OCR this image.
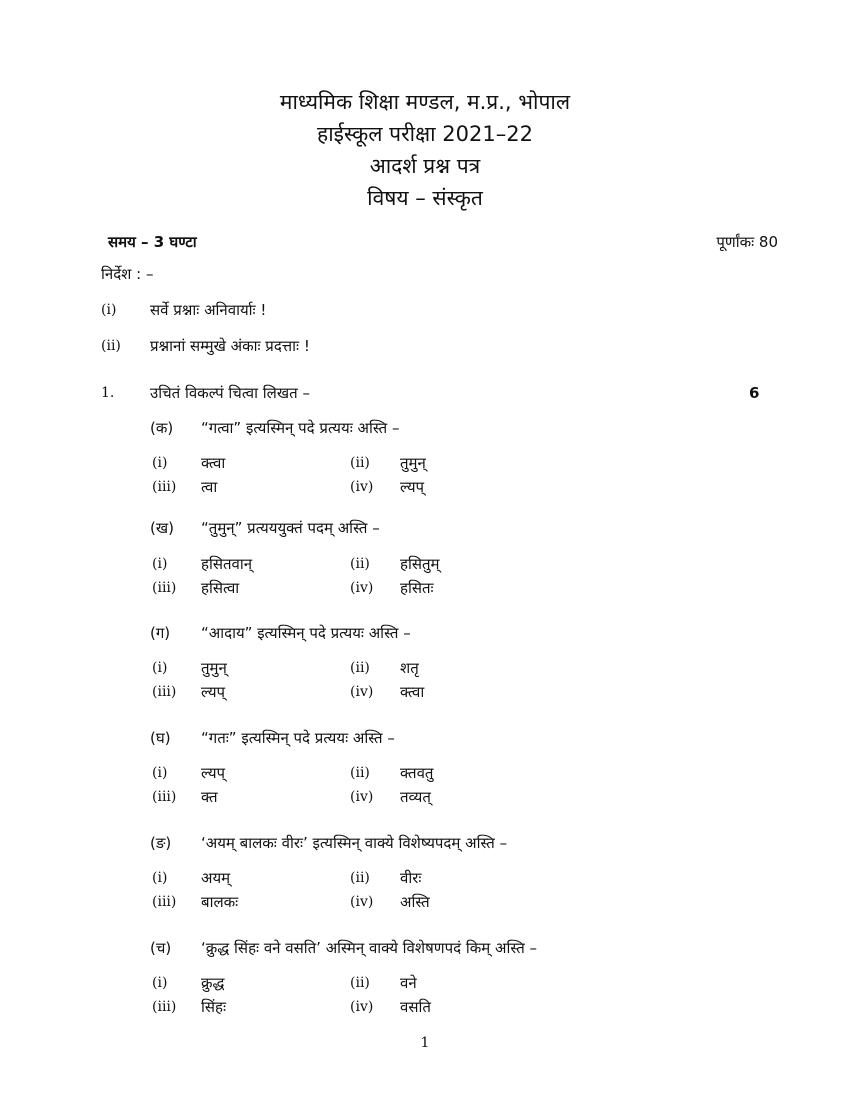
माध्यमिक शिक्षा मण्डल, म.प्र., भोपाल
हाईस्कूल परीक्षा 2021–22
आदर्श प्रश्न पत्र
विषय – संस्कृत
समय – 3 घण्टा	पूर्णांकः 80
निर्देश : –
(i) सर्वे प्रश्नाः अनिवार्याः !
(ii) प्रश्नानां सम्मुखे अंकाः प्रदत्ताः !
1. उचितं विकल्पं चित्वा लिखत –	6
(क) “गत्वा” इत्यस्मिन् पदे प्रत्ययः अस्ति –
(i) क्त्वा	(ii) तुमुन्
(iii) त्वा	(iv) ल्यप्
(ख) “तुमुन्” प्रत्यययुक्तं पदम् अस्ति –
(i) हसितवान्	(ii) हसितुम्
(iii) हसित्वा	(iv) हसितः
(ग) “आदाय” इत्यस्मिन् पदे प्रत्ययः अस्ति –
(i) तुमुन्	(ii) शतृ
(iii) ल्यप्	(iv) क्त्वा
(घ) “गतः” इत्यस्मिन् पदे प्रत्ययः अस्ति –
(i) ल्यप्	(ii) क्तवतु
(iii) क्त	(iv) तव्यत्
(ङ) ‘अयम् बालकः वीरः’ इत्यस्मिन् वाक्ये विशेष्यपदम् अस्ति –
(i) अयम्	(ii) वीरः
(iii) बालकः	(iv) अस्ति
(च) ‘क्रुद्ध सिंहः वने वसति’ अस्मिन् वाक्ये विशेषणपदं किम् अस्ति –
(i) क्रुद्ध	(ii) वने
(iii) सिंहः	(iv) वसति
1
